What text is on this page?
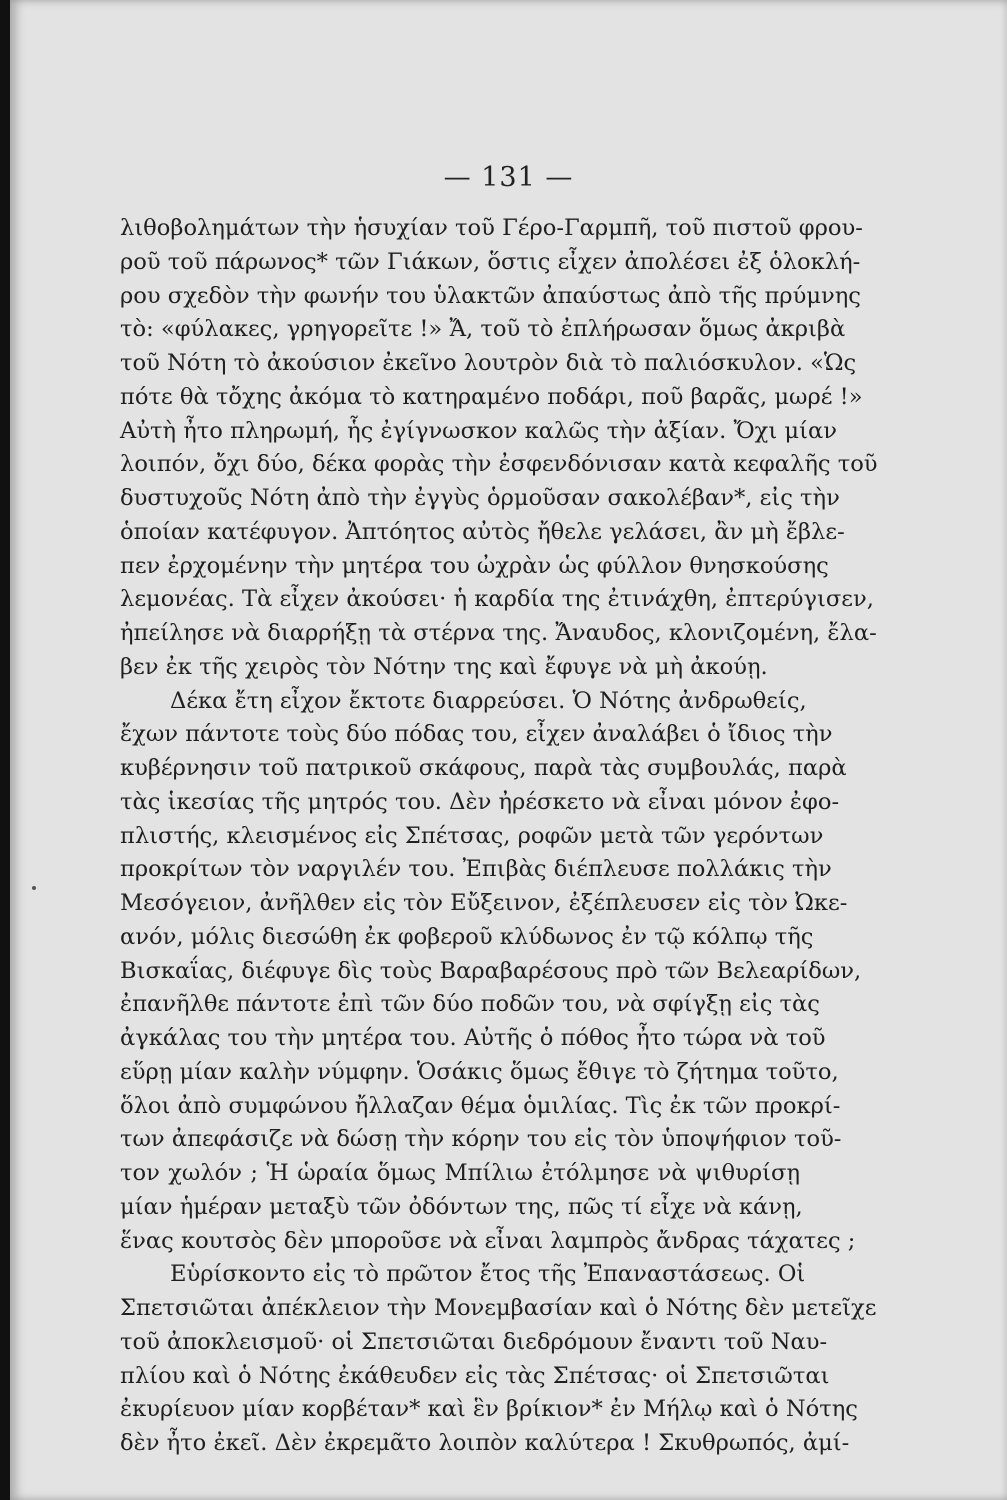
— 131 —
λιθοβολημάτων τὴν ἡσυχίαν τοῦ Γέρο-Γαρμπῆ, τοῦ πιστοῦ φρου-
ροῦ τοῦ πάρωνος* τῶν Γιάκων, ὅστις εἶχεν ἀπολέσει ἐξ ὁλοκλή-
ρου σχεδὸν τὴν φωνήν του ὑλακτῶν ἀπαύστως ἀπὸ τῆς πρύμνης
τὸ: «φύλακες, γρηγορεῖτε !» Ἄ, τοῦ τὸ ἐπλήρωσαν ὅμως ἀκριβὰ
τοῦ Νότη τὸ ἀκούσιον ἐκεῖνο λουτρὸν διὰ τὸ παλιόσκυλον. «Ὡς
πότε θὰ τὄχης ἀκόμα τὸ κατηραμένο ποδάρι, ποῦ βαρᾶς, μωρέ !»
Αὐτὴ ἦτο πληρωμή, ἧς ἐγίγνωσκον καλῶς τὴν ἀξίαν. Ὄχι μίαν
λοιπόν, ὄχι δύο, δέκα φορὰς τὴν ἐσφενδόνισαν κατὰ κεφαλῆς τοῦ
δυστυχοῦς Νότη ἀπὸ τὴν ἐγγὺς ὁρμοῦσαν σακολέβαν*, εἰς τὴν
ὁποίαν κατέφυγον. Ἀπτόητος αὐτὸς ἤθελε γελάσει, ἂν μὴ ἔβλε-
πεν ἐρχομένην τὴν μητέρα του ὠχρὰν ὡς φύλλον θνησκούσης
λεμονέας. Τὰ εἶχεν ἀκούσει· ἡ καρδία της ἐτινάχθη, ἐπτερύγισεν,
ἠπείλησε νὰ διαρρήξῃ τὰ στέρνα της. Ἄναυδος, κλονιζομένη, ἔλα-
βεν ἐκ τῆς χειρὸς τὸν Νότην της καὶ ἔφυγε νὰ μὴ ἀκούῃ.
Δέκα ἔτη εἶχον ἔκτοτε διαρρεύσει. Ὁ Νότης ἀνδρωθείς,
ἔχων πάντοτε τοὺς δύο πόδας του, εἶχεν ἀναλάβει ὁ ἴδιος τὴν
κυβέρνησιν τοῦ πατρικοῦ σκάφους, παρὰ τὰς συμβουλάς, παρὰ
τὰς ἱκεσίας τῆς μητρός του. Δὲν ἠρέσκετο νὰ εἶναι μόνον ἐφο-
πλιστής, κλεισμένος εἰς Σπέτσας, ροφῶν μετὰ τῶν γερόντων
προκρίτων τὸν ναργιλέν του. Ἐπιβὰς διέπλευσε πολλάκις τὴν
Μεσόγειον, ἀνῆλθεν εἰς τὸν Εὔξεινον, ἐξέπλευσεν εἰς τὸν Ὠκε-
ανόν, μόλις διεσώθη ἐκ φοβεροῦ κλύδωνος ἐν τῷ κόλπῳ τῆς
Βισκαΐας, διέφυγε δὶς τοὺς Βαραβαρέσους πρὸ τῶν Βελεαρίδων,
ἐπανῆλθε πάντοτε ἐπὶ τῶν δύο ποδῶν του, νὰ σφίγξῃ εἰς τὰς
ἀγκάλας του τὴν μητέρα του. Αὐτῆς ὁ πόθος ἦτο τώρα νὰ τοῦ
εὕρῃ μίαν καλὴν νύμφην. Ὁσάκις ὅμως ἔθιγε τὸ ζήτημα τοῦτο,
ὅλοι ἀπὸ συμφώνου ἤλλαζαν θέμα ὁμιλίας. Τὶς ἐκ τῶν προκρί-
των ἀπεφάσιζε νὰ δώσῃ τὴν κόρην του εἰς τὸν ὑποψήφιον τοῦ-
τον χωλόν ; Ἡ ὡραία ὅμως Μπίλιω ἐτόλμησε νὰ ψιθυρίσῃ
μίαν ἡμέραν μεταξὺ τῶν ὀδόντων της, πῶς τί εἶχε νὰ κάνῃ,
ἕνας κουτσὸς δὲν μποροῦσε νὰ εἶναι λαμπρὸς ἄνδρας τάχατες ;
Εὑρίσκοντο εἰς τὸ πρῶτον ἔτος τῆς Ἐπαναστάσεως. Οἱ
Σπετσιῶται ἀπέκλειον τὴν Μονεμβασίαν καὶ ὁ Νότης δὲν μετεῖχε
τοῦ ἀποκλεισμοῦ· οἱ Σπετσιῶται διεδρόμουν ἔναντι τοῦ Ναυ-
πλίου καὶ ὁ Νότης ἐκάθευδεν εἰς τὰς Σπέτσας· οἱ Σπετσιῶται
ἐκυρίευον μίαν κορβέταν* καὶ ἓν βρίκιον* ἐν Μήλῳ καὶ ὁ Νότης
δὲν ἦτο ἐκεῖ. Δὲν ἐκρεμᾶτο λοιπὸν καλύτερα ! Σκυθρωπός, ἀμί-
